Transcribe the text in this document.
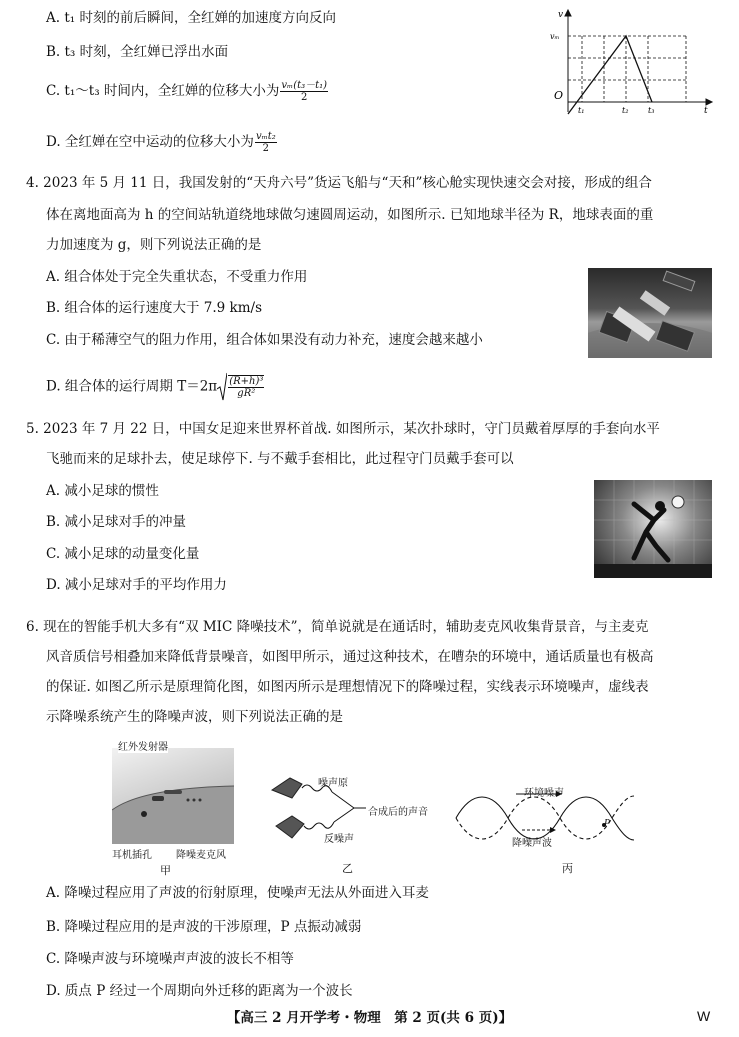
A. t₁ 时刻的前后瞬间，全红婵的加速度方向反向
B. t₃ 时刻，全红婵已浮出水面
C. t₁～t₃ 时间内，全红婵的位移大小为 $\frac{\text{vₘ(t₃－t₁)}}{2}$
D. 全红婵在空中运动的位移大小为 $\frac{\text{vₘt₂}}{2}$
v
vₘ
O
t₁	t₂ t₃	t
4. 2023 年 5 月 11 日，我国发射的“天舟六号”货运飞船与“天和”核心舱实现快速交会对接，形成的组合
体在离地面高为 h 的空间站轨道绕地球做匀速圆周运动，如图所示. 已知地球半径为 R，地球表面的重
力加速度为 g，则下列说法正确的是
A. 组合体处于完全失重状态，不受重力作用
B. 组合体的运行速度大于 7.9 km/s
C. 由于稀薄空气的阻力作用，组合体如果没有动力补充，速度会越来越小
D. 组合体的运行周期 $T=2\pi \frac{\text{(R+h)³}}{\text{gR²}}$
5. 2023 年 7 月 22 日，中国女足迎来世界杯首战. 如图所示，某次扑球时，守门员戴着厚厚的手套向水平
飞驰而来的足球扑去，使足球停下. 与不戴手套相比，此过程守门员戴手套可以
A. 减小足球的惯性
B. 减小足球对手的冲量
C. 减小足球的动量变化量
D. 减小足球对手的平均作用力
6. 现在的智能手机大多有“双 MIC 降噪技术”，简单说就是在通话时，辅助麦克风收集背景音，与主麦克
风音质信号相叠加来降低背景噪音，如图甲所示，通过这种技术，在嘈杂的环境中，通话质量也有极高
的保证. 如图乙所示是原理简化图，如图丙所示是理想情况下的降噪过程，实线表示环境噪声，虚线表
示降噪系统产生的降噪声波，则下列说法正确的是
红外发射器
耳机插孔 降噪麦克风
甲
噪声原
合成后的声音
反噪声
乙
环境噪声
降噪声波
P
丙
A. 降噪过程应用了声波的衍射原理，使噪声无法从外面进入耳麦
B. 降噪过程应用的是声波的干涉原理，P 点振动减弱
C. 降噪声波与环境噪声声波的波长不相等
D. 质点 P 经过一个周期向外迁移的距离为一个波长
【高三 2 月开学考・物理　第 2 页(共 6 页)】	W
